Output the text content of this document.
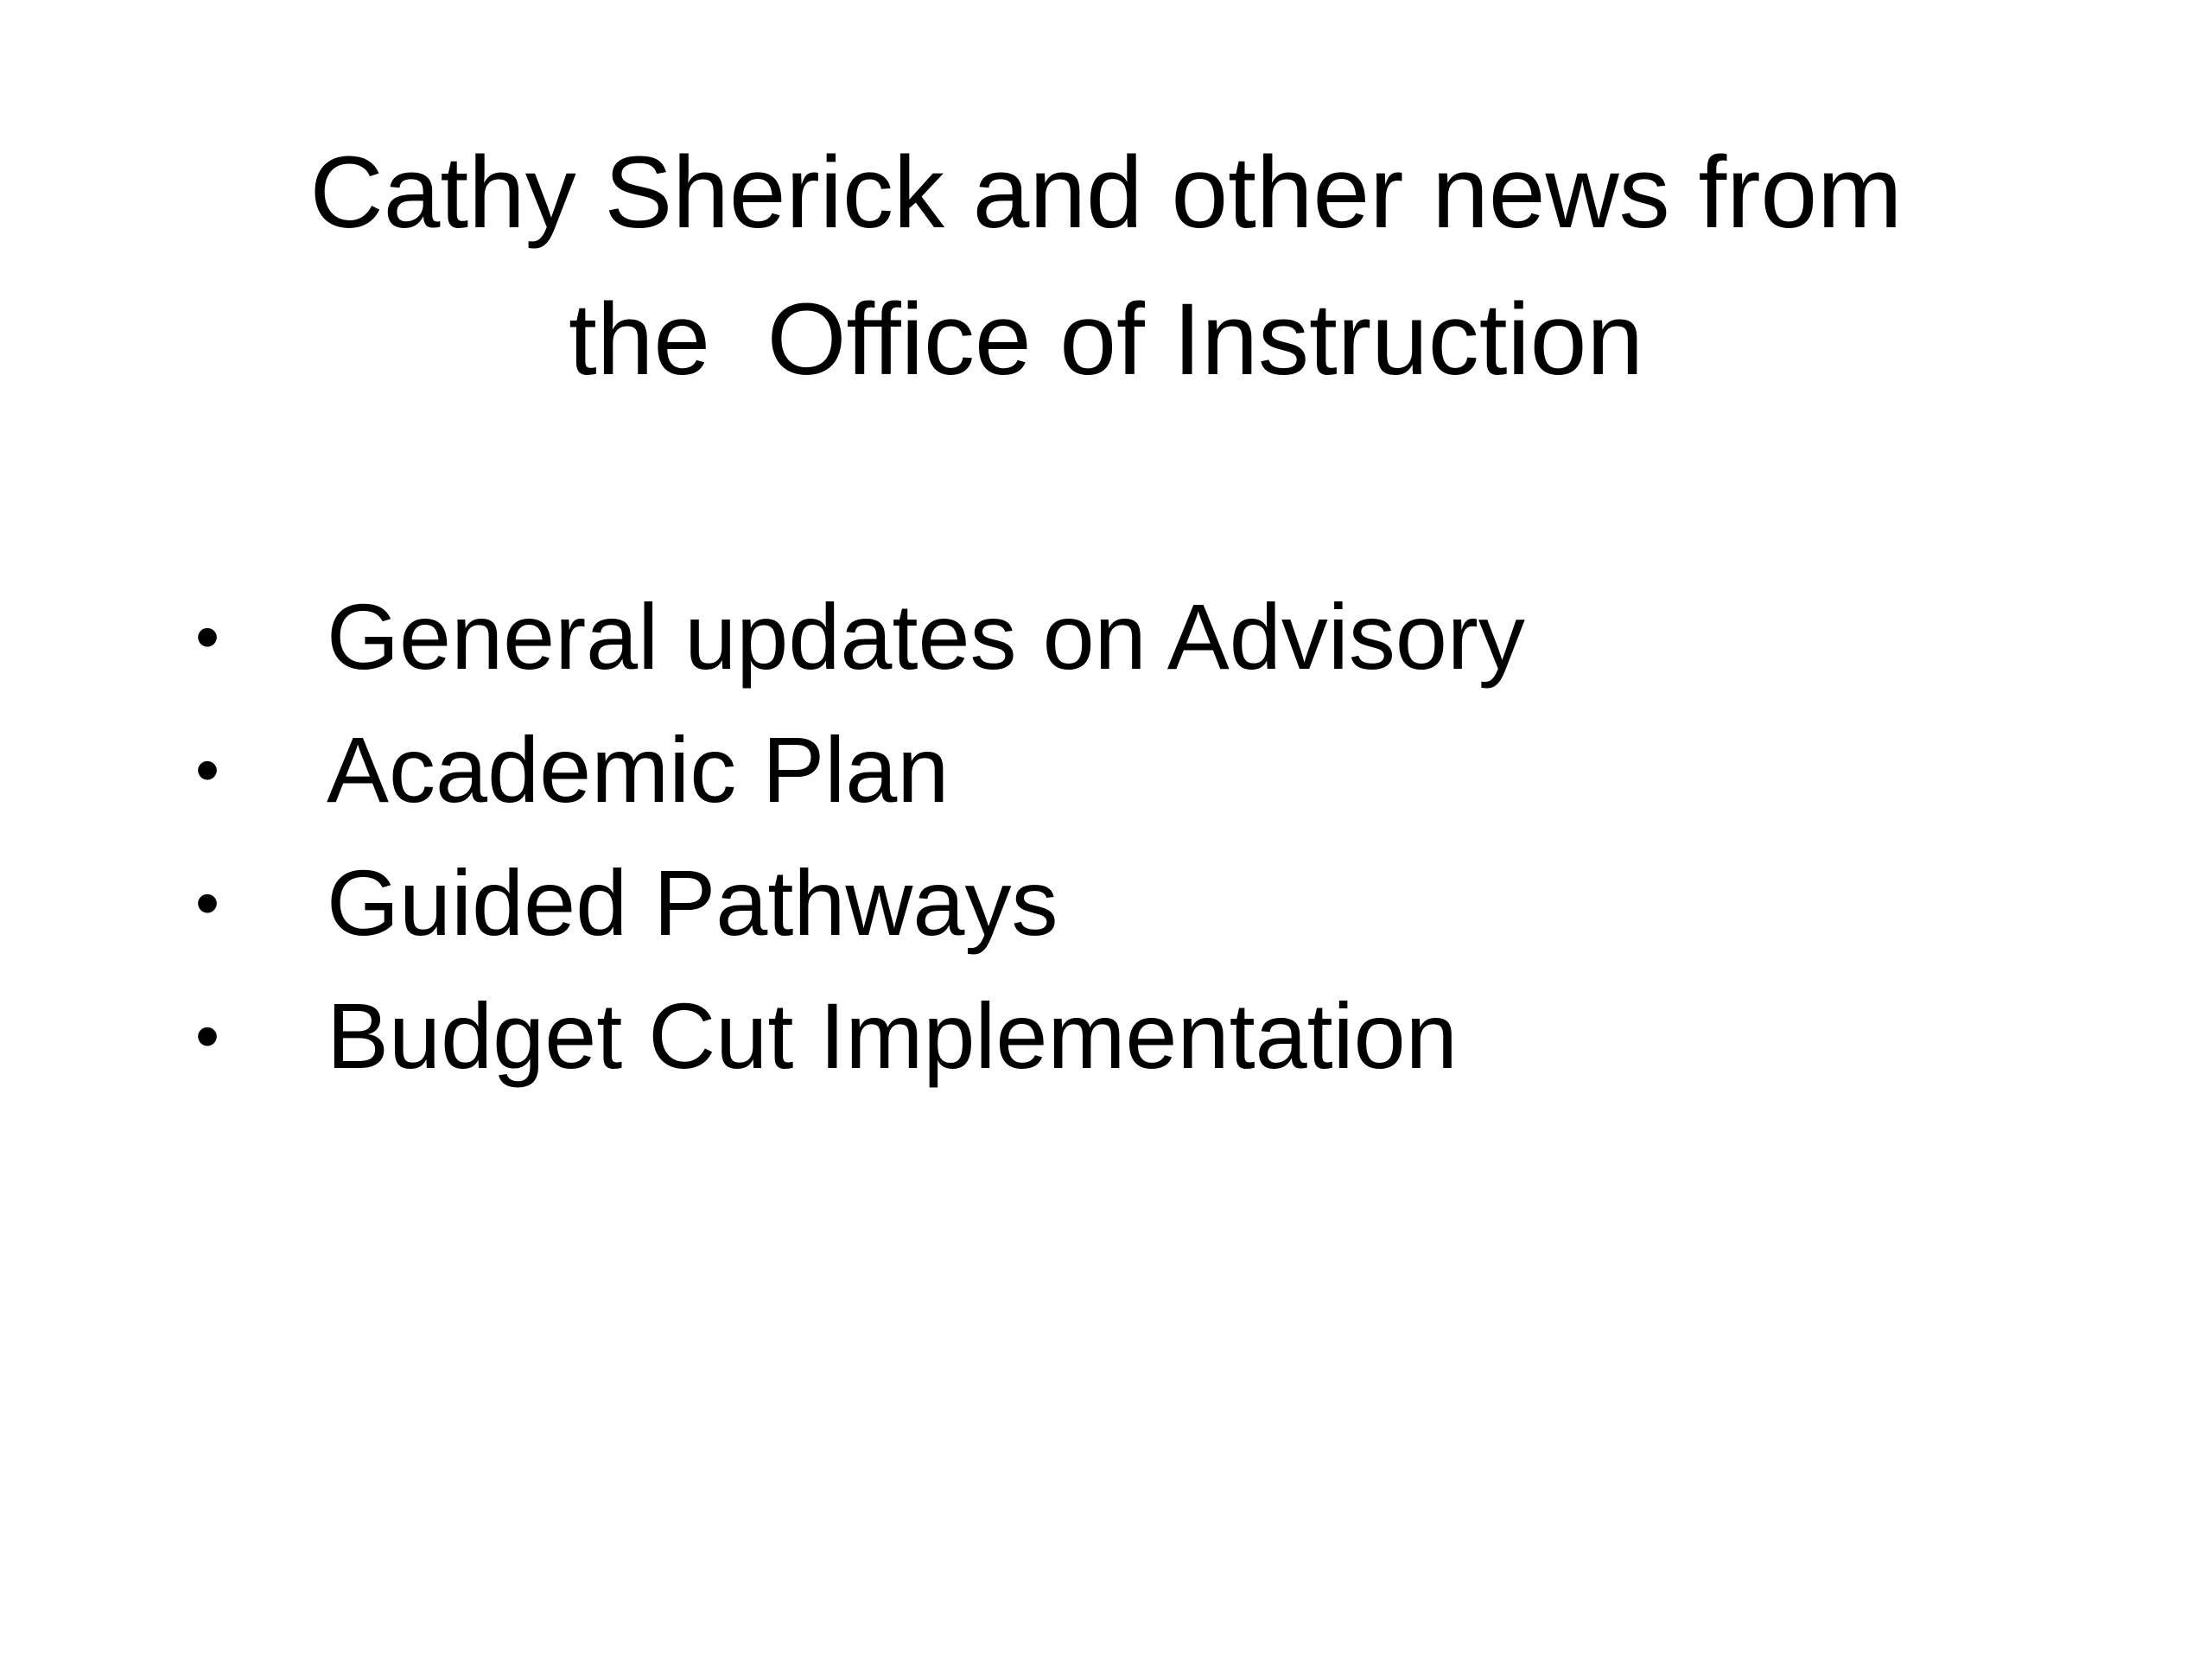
Cathy Sherick and other news from
the  Office of Instruction
• General updates on Advisory
• Academic Plan
• Guided Pathways
• Budget Cut Implementation
